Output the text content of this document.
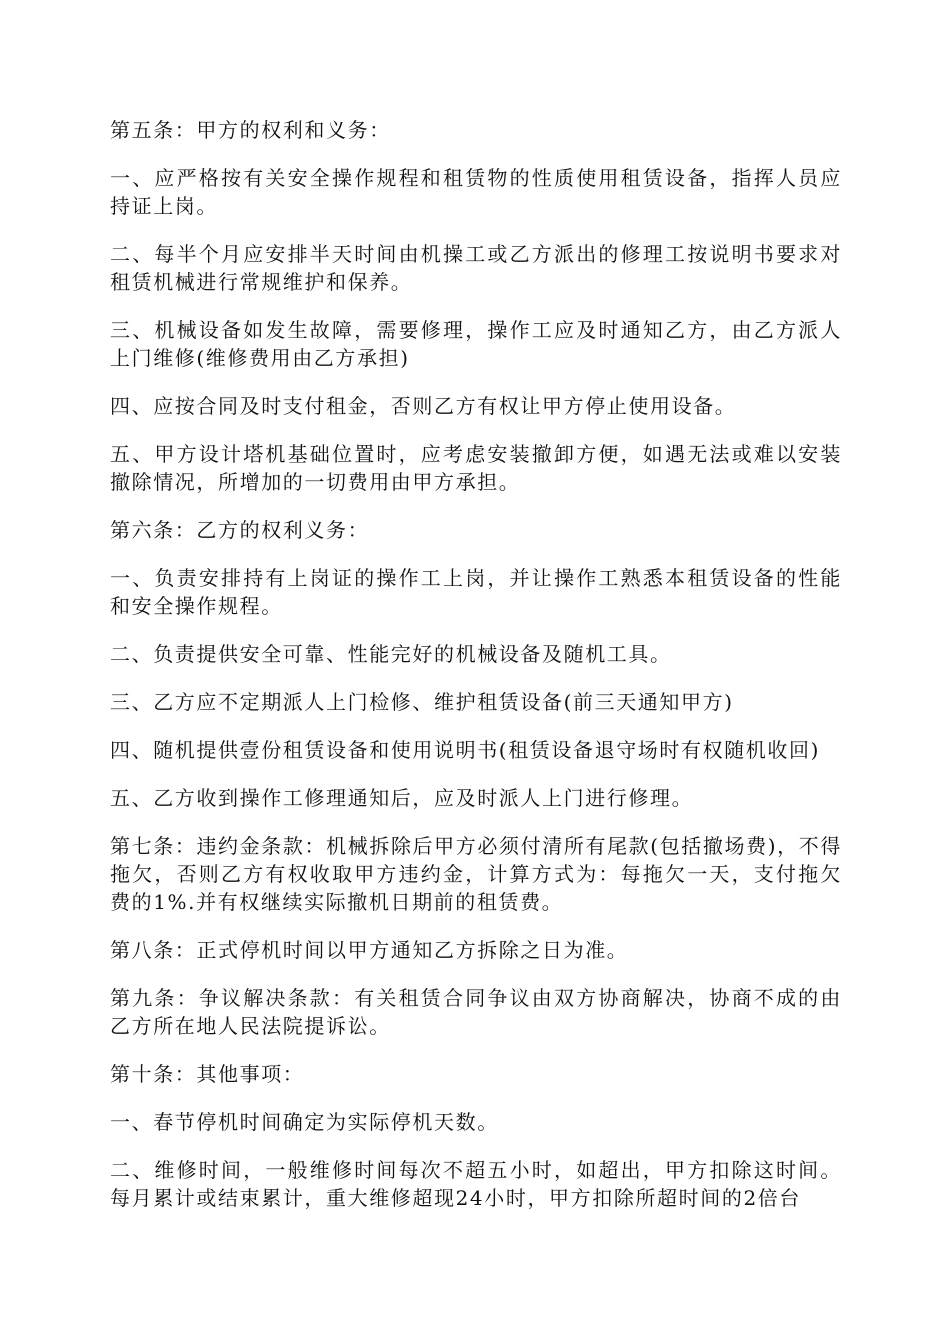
第五条：甲方的权利和义务：

一、应严格按有关安全操作规程和租赁物的性质使用租赁设备，指挥人员应持证上岗。

二、每半个月应安排半天时间由机操工或乙方派出的修理工按说明书要求对租赁机械进行常规维护和保养。

三、机械设备如发生故障，需要修理，操作工应及时通知乙方，由乙方派人上门维修(维修费用由乙方承担)

四、应按合同及时支付租金，否则乙方有权让甲方停止使用设备。

五、甲方设计塔机基础位置时，应考虑安装撤卸方便，如遇无法或难以安装撤除情况，所增加的一切费用由甲方承担。

第六条：乙方的权利义务：

一、负责安排持有上岗证的操作工上岗，并让操作工熟悉本租赁设备的性能和安全操作规程。

二、负责提供安全可靠、性能完好的机械设备及随机工具。

三、乙方应不定期派人上门检修、维护租赁设备(前三天通知甲方)

四、随机提供壹份租赁设备和使用说明书(租赁设备退守场时有权随机收回)

五、乙方收到操作工修理通知后，应及时派人上门进行修理。

第七条：违约金条款：机械拆除后甲方必须付清所有尾款(包括撤场费)，不得拖欠，否则乙方有权收取甲方违约金，计算方式为：每拖欠一天，支付拖欠费的1%.并有权继续实际撤机日期前的租赁费。

第八条：正式停机时间以甲方通知乙方拆除之日为准。

第九条：争议解决条款：有关租赁合同争议由双方协商解决，协商不成的由乙方所在地人民法院提诉讼。

第十条：其他事项：

一、春节停机时间确定为实际停机天数。

二、维修时间，一般维修时间每次不超五小时，如超出，甲方扣除这时间。每月累计或结束累计，重大维修超现24小时，甲方扣除所超时间的2倍台
